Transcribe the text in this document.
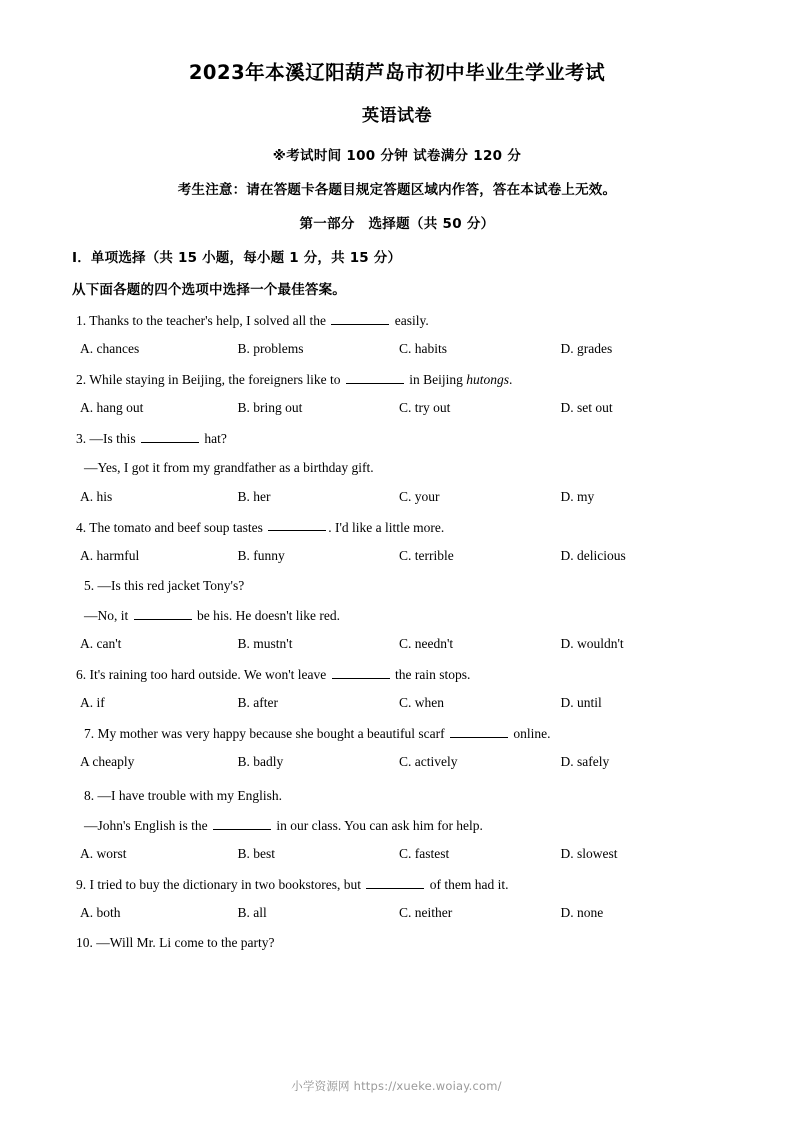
2023年本溪辽阳葫芦岛市初中毕业生学业考试
英语试卷
※考试时间 100 分钟 试卷满分 120 分
考生注意：请在答题卡各题目规定答题区域内作答，答在本试卷上无效。
第一部分　选择题（共 50 分）
Ⅰ．单项选择（共 15 小题，每小题 1 分，共 15 分）
从下面各题的四个选项中选择一个最佳答案。
1. Thanks to the teacher's help, I solved all the	easily.
A. chances	B. problems	C. habits	D. grades
2. While staying in Beijing, the foreigners like to	in Beijing hutongs.
A. hang out	B. bring out	C. try out	D. set out
3. —Is this	hat?
—Yes, I got it from my grandfather as a birthday gift.
A. his	B. her	C. your	D. my
4. The tomato and beef soup tastes	. I'd like a little more.
A. harmful	B. funny	C. terrible	D. delicious
5. —Is this red jacket Tony's?
—No, it	be his. He doesn't like red.
A. can't	B. mustn't	C. needn't	D. wouldn't
6. It's raining too hard outside. We won't leave	the rain stops.
A. if	B. after	C. when	D. until
7. My mother was very happy because she bought a beautiful scarf	online.
A cheaply	B. badly	C. actively	D. safely
8. —I have trouble with my English.
—John's English is the	in our class. You can ask him for help.
A. worst	B. best	C. fastest	D. slowest
9. I tried to buy the dictionary in two bookstores, but	of them had it.
A. both	B. all	C. neither	D. none
10. —Will Mr. Li come to the party?
小学资源网 https://xueke.woiay.com/
